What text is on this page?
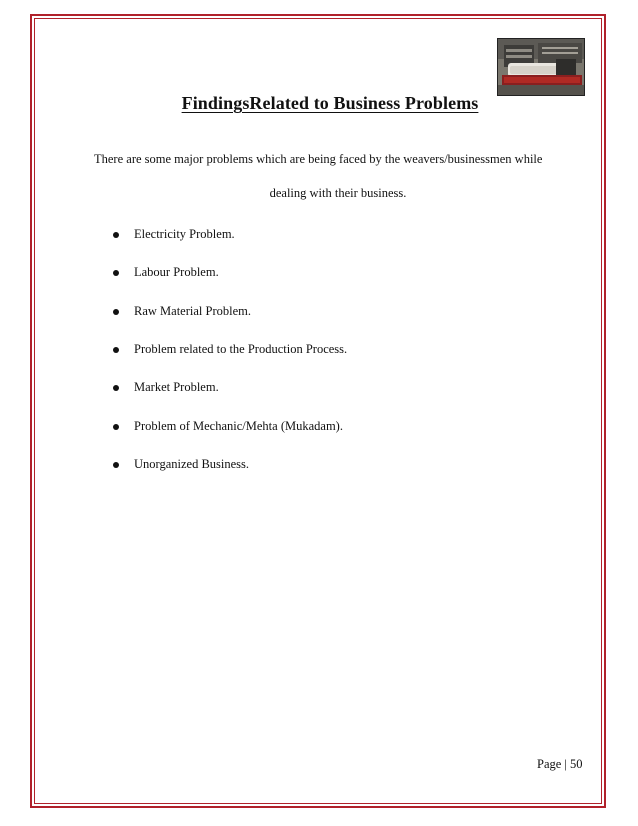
FindingsRelated to Business Problems
There are some major problems which are being faced by the weavers/businessmen while
dealing with their business.
Electricity Problem.
Labour Problem.
Raw Material Problem.
Problem related to the Production Process.
Market Problem.
Problem of Mechanic/Mehta (Mukadam).
Unorganized Business.
Page | 50
